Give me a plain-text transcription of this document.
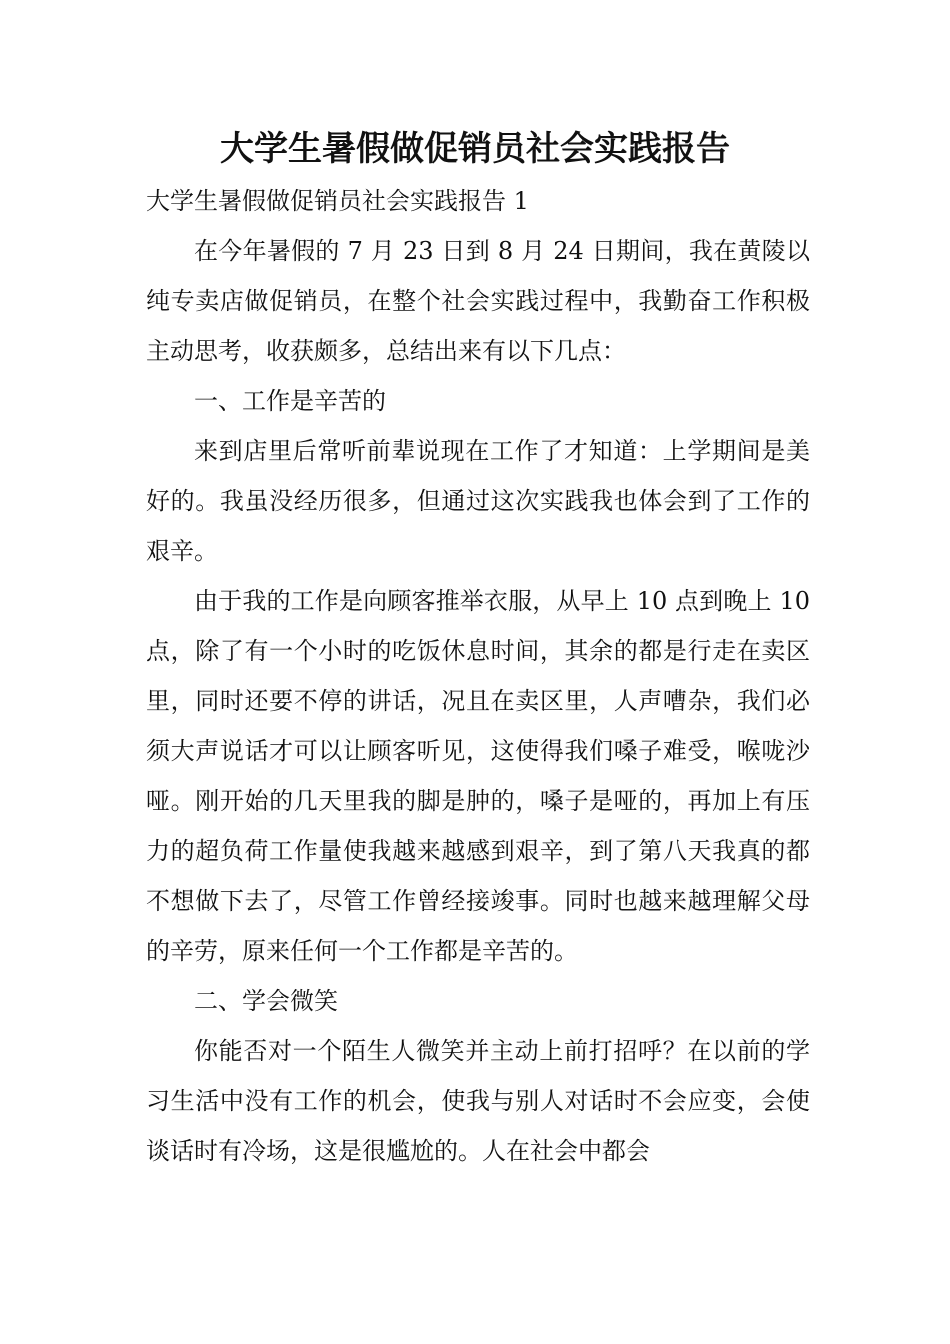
大学生暑假做促销员社会实践报告

大学生暑假做促销员社会实践报告 1

在今年暑假的 7 月 23 日到 8 月 24 日期间，我在黄陵以纯专卖店做促销员，在整个社会实践过程中，我勤奋工作积极主动思考，收获颇多，总结出来有以下几点：

一、工作是辛苦的

来到店里后常听前辈说现在工作了才知道：上学期间是美好的。我虽没经历很多，但通过这次实践我也体会到了工作的艰辛。

由于我的工作是向顾客推举衣服，从早上 10 点到晚上 10 点，除了有一个小时的吃饭休息时间，其余的都是行走在卖区里，同时还要不停的讲话，况且在卖区里，人声嘈杂，我们必须大声说话才可以让顾客听见，这使得我们嗓子难受，喉咙沙哑。刚开始的几天里我的脚是肿的，嗓子是哑的，再加上有压力的超负荷工作量使我越来越感到艰辛，到了第八天我真的都不想做下去了，尽管工作曾经接竣事。同时也越来越理解父母的辛劳，原来任何一个工作都是辛苦的。

二、学会微笑

你能否对一个陌生人微笑并主动上前打招呼？在以前的学习生活中没有工作的机会，使我与别人对话时不会应变，会使谈话时有冷场，这是很尴尬的。人在社会中都会
